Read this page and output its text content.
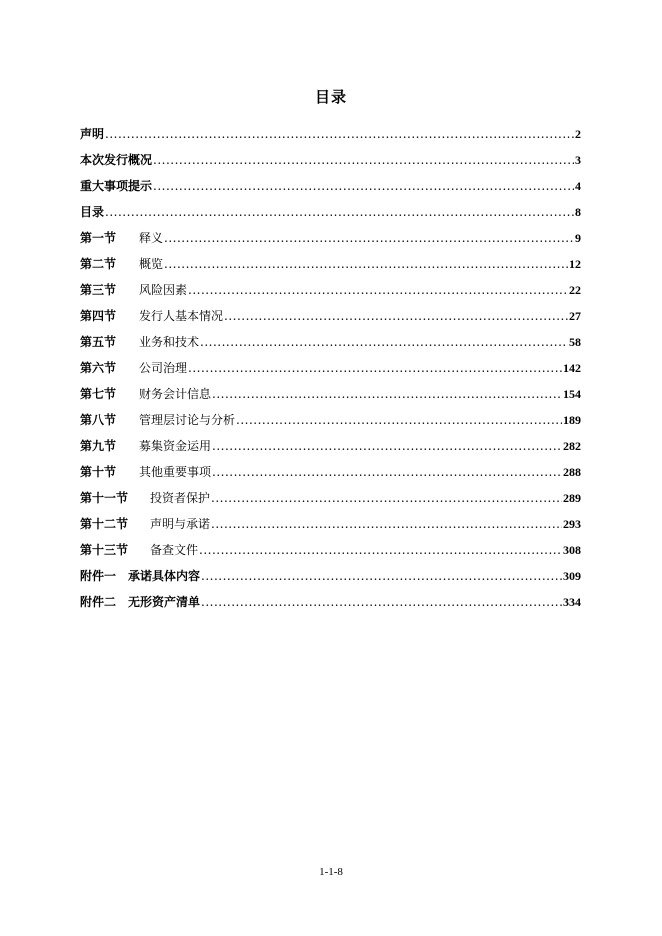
目录
声明 .....	2
本次发行概况 .....	3
重大事项提示 .....	4
目录 .....	8
第一节	释义 .....	9
第二节	概览 .....	12
第三节	风险因素 .....	22
第四节	发行人基本情况 .....	27
第五节	业务和技术 .....	58
第六节	公司治理 .....	142
第七节	财务会计信息 .....	154
第八节	管理层讨论与分析 .....	189
第九节	募集资金运用 .....	282
第十节	其他重要事项 .....	288
第十一节	投资者保护 .....	289
第十二节	声明与承诺 .....	293
第十三节	备查文件 .....	308
附件一 承诺具体内容 .....	309
附件二 无形资产清单 .....	334
1-1-8
